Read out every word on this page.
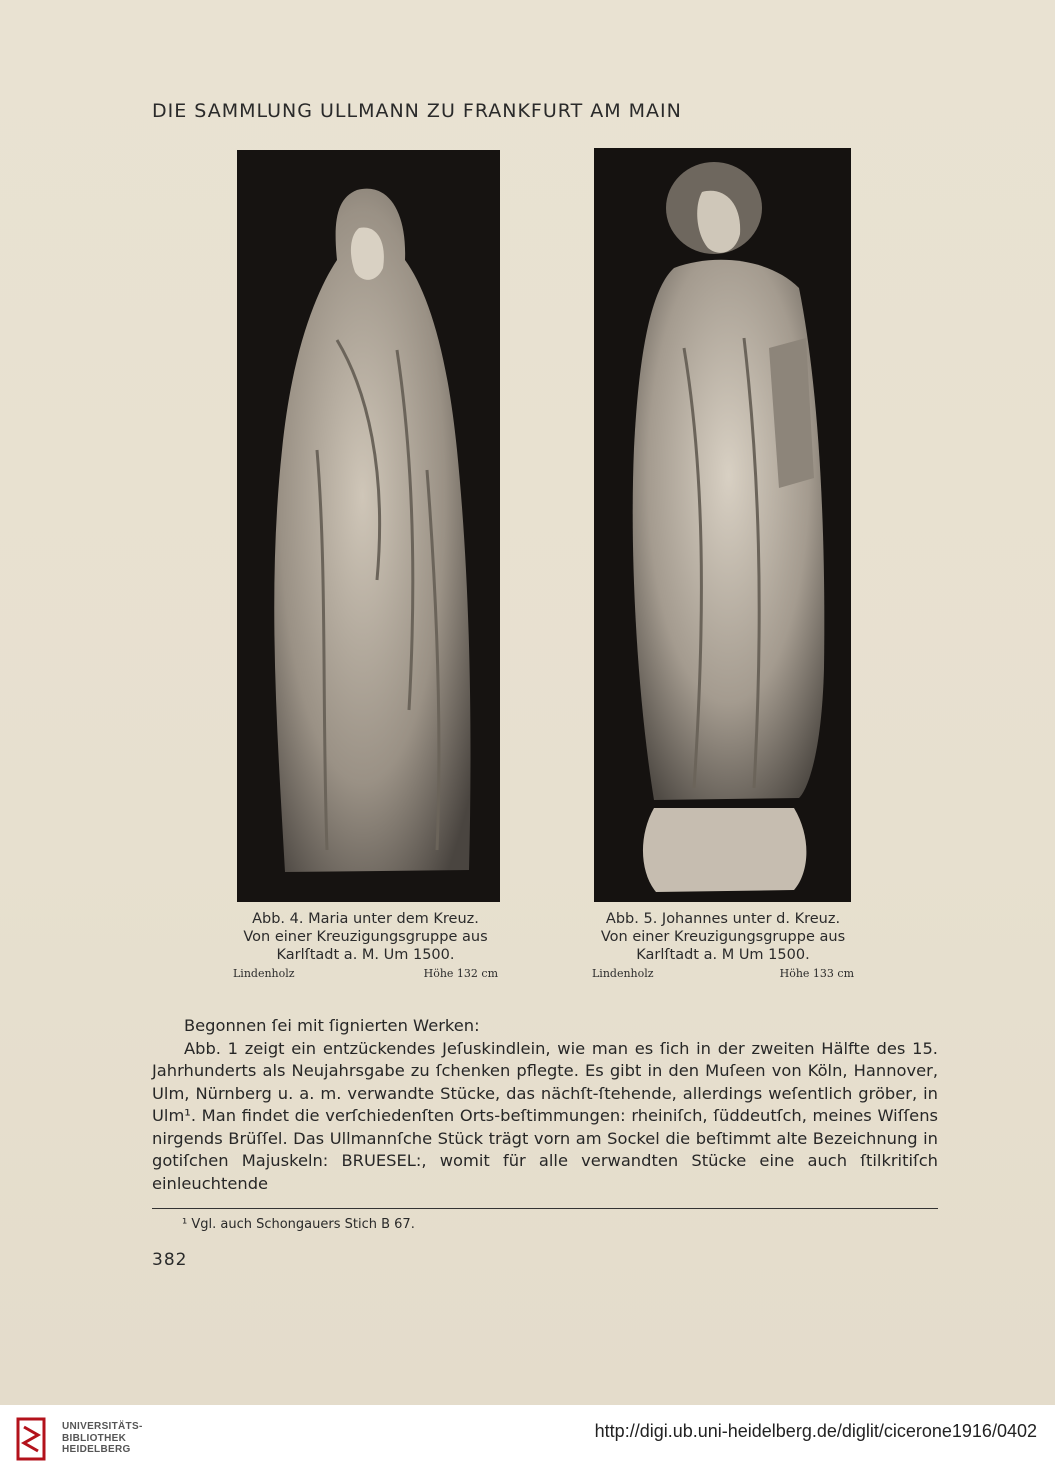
DIE SAMMLUNG ULLMANN ZU FRANKFURT AM MAIN
Abb. 4. Maria unter dem Kreuz.
Von einer Kreuzigungsgruppe aus
Karlſtadt a. M. Um 1500.
Lindenholz	Höhe 132 cm
Abb. 5. Johannes unter d. Kreuz.
Von einer Kreuzigungsgruppe aus
Karlſtadt a. M Um 1500.
Lindenholz	Höhe 133 cm

Begonnen ſei mit ſignierten Werken:

Abb. 1 zeigt ein entzückendes Jeſuskindlein, wie man es ſich in der zweiten Hälfte des 15. Jahrhunderts als Neujahrsgabe zu ſchenken pflegte. Es gibt in den Muſeen von Köln, Hannover, Ulm, Nürnberg u. a. m. verwandte Stücke, das nächſt-ſtehende, allerdings weſentlich gröber, in Ulm¹. Man findet die verſchiedenſten Orts-beſtimmungen: rheiniſch, ſüddeutſch, meines Wiſſens nirgends Brüſſel. Das Ullmannſche Stück trägt vorn am Sockel die beſtimmt alte Bezeichnung in gotiſchen Majuskeln: BRUESEL:, womit für alle verwandten Stücke eine auch ſtilkritiſch einleuchtende

¹ Vgl. auch Schongauers Stich B 67.
382
UNIVERSITÄTS-
BIBLIOTHEK
HEIDELBERG
http://digi.ub.uni-heidelberg.de/diglit/cicerone1916/0402
